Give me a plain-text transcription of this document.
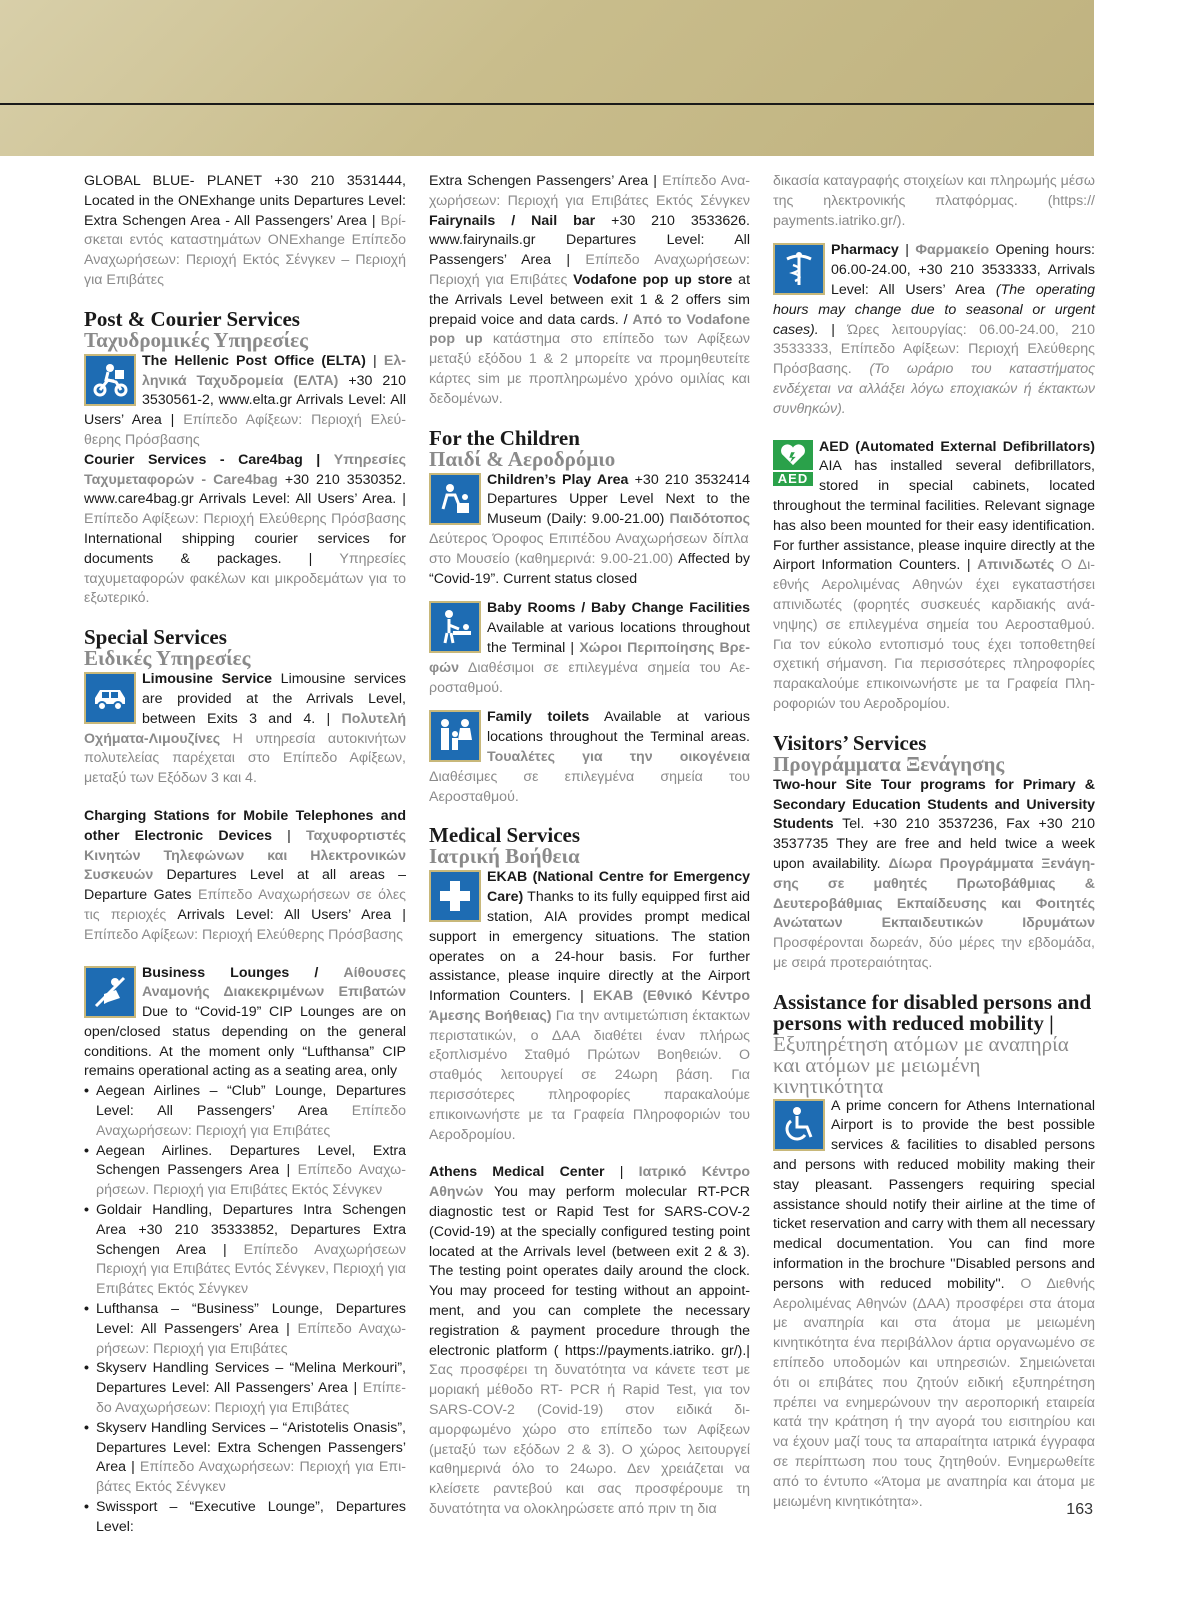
GLOBAL BLUE- PLANET +30 210 3531444, Located in the ONExhange units Departures Level: Extra Schengen Area - All Passengers’ Area | Βρίσκεται εντός καταστημάτων ONExhange Επίπεδο Αναχωρήσεων: Περιοχή Εκτός Σένγκεν – Περιοχή για Επιβάτες

Post & Courier Services
Ταχυδρομικές Υπηρεσίες

The Hellenic Post Office (ELTA) | Ελληνικά Ταχυδρομεία (ΕΛΤΑ) +30 210 3530561-2, www.elta.gr Arrivals Level: All Users’ Area | Επίπεδο Αφίξεων: Περιοχή Ελεύθερης Πρόσβασης

Courier Services - Care4bag | Υπηρεσίες Ταχυμεταφορών - Care4bag +30 210 3530352. www.care4bag.gr Arrivals Level: All Users’ Area. | Επίπεδο Αφίξεων: Περιοχή Ελεύθερης Πρόσβασης International shipping courier services for documents & packages. | Υπηρεσίες ταχυμεταφορών φακέλων και μικροδεμάτων για το εξωτερικό.

Special Services
Ειδικές Υπηρεσίες

Limousine Service Limousine services are provided at the Arrivals Level, between Exits 3 and 4. | Πολυτελή Οχήματα-Λιμουζίνες Η υπηρεσία αυτοκινήτων πολυτελείας παρέχεται στο Επίπεδο Αφίξεων, μεταξύ των Εξόδων 3 και 4.

Charging Stations for Mobile Telephones and other Electronic Devices | Ταχυφορτιστές Κινητών Τηλεφώνων και Ηλεκτρονικών Συσκευών Departures Level at all areas – Departure Gates Επίπεδο Αναχωρήσεων σε όλες τις περιοχές Arrivals Level: All Users’ Area | Επίπεδο Αφίξεων: Περιοχή Ελεύθερης Πρόσβασης

Business Lounges / Αίθουσες Αναμονής Διακεκριμένων Επιβατών Due to “Covid-19” CIP Lounges are on open/closed status depending on the general conditions. At the moment only “Lufthansa” CIP remains operational acting as a seating area, only

• Aegean Airlines – “Club” Lounge, Departures Level: All Passengers’ Area Επίπεδο Αναχωρήσεων: Περιοχή για Επιβάτες
• Aegean Airlines. Departures Level, Extra Schengen Passengers Area | Επίπεδο Αναχωρήσεων. Περιοχή για Επιβάτες Εκτός Σένγκεν
• Goldair Handling, Departures Intra Schengen Area +30 210 35333852, Departures Extra Schengen Area | Επίπεδο Αναχωρήσεων Περιοχή για Επιβάτες Εντός Σένγκεν, Περιοχή για Επιβάτες Εκτός Σένγκεν
• Lufthansa – “Business” Lounge, Departures Level: All Passengers’ Area | Επίπεδο Αναχωρήσεων: Περιοχή για Επιβάτες
• Skyserv Handling Services – “Melina Merkouri”, Departures Level: All Passengers’ Area | Επίπεδο Αναχωρήσεων: Περιοχή για Επιβάτες
• Skyserv Handling Services – “Aristotelis Onasis”, Departures Level: Extra Schengen Passengers’ Area | Επίπεδο Αναχωρήσεων: Περιοχή για Επιβάτες Εκτός Σένγκεν
• Swissport – “Executive Lounge”, Departures Level:

Extra Schengen Passengers’ Area | Επίπεδο Αναχωρήσεων: Περιοχή για Επιβάτες Εκτός Σένγκεν Fairynails / Nail bar +30 210 3533626. www.fairynails.gr Departures Level: All Passengers’ Area | Επίπεδο Αναχωρήσεων: Περιοχή για Επιβάτες Vodafone pop up store at the Arrivals Level between exit 1 & 2 offers sim prepaid voice and data cards. / Από το Vodafone pop up κατάστημα στο επίπεδο των Αφίξεων μεταξύ εξόδου 1 & 2 μπορείτε να προμηθευτείτε κάρτες sim με προπληρωμένο χρόνο ομιλίας και δεδομένων.

For the Children
Παιδί & Αεροδρόμιο

Children’s Play Area +30 210 3532414 Departures Upper Level Next to the Museum (Daily: 9.00-21.00) Παιδότοπος Δεύτερος Όροφος Επιπέδου Αναχωρήσεων δίπλα στο Μουσείο (καθημερινά: 9.00-21.00) Affected by “Covid-19”. Current status closed

Baby Rooms / Baby Change Facilities Available at various locations throughout the Terminal | Χώροι Περιποίησης Βρεφών Διαθέσιμοι σε επιλεγμένα σημεία του Αεροσταθμού.

Family toilets Available at various locations throughout the Terminal areas. Τουαλέτες για την οικογένεια Διαθέσιμες σε επιλεγμένα σημεία του Αεροσταθμού.

Medical Services
Ιατρική Βοήθεια

EKAB (National Centre for Emergency Care) Thanks to its fully equipped first aid station, AIA provides prompt medical support in emergency situations. The station operates on a 24-hour basis. For further assistance, please inquire directly at the Airport Information Counters. | ΕΚΑΒ (Εθνικό Κέντρο Άμεσης Βοήθειας) Για την αντιμετώπιση έκτακτων περιστατικών, ο ΔΑΑ διαθέτει έναν πλήρως εξοπλισμένο Σταθμό Πρώτων Βοηθειών. Ο σταθμός λειτουργεί σε 24ωρη βάση. Για περισσότερες πληροφορίες παρακαλούμε επικοινωνήστε με τα Γραφεία Πληροφοριών του Αεροδρομίου.

Athens Medical Center | Ιατρικό Κέντρο Αθηνών You may perform molecular RT-PCR diagnostic test or Rapid Test for SARS-COV-2 (Covid-19) at the specially configured testing point located at the Arrivals level (between exit 2 & 3). The testing point operates daily around the clock. You may proceed for testing without an appointment, and you can complete the necessary registration & payment procedure through the electronic platform ( https://payments.iatriko. gr/).| Σας προσφέρει τη δυνατότητα να κάνετε τεστ με μοριακή μέθοδο RT- PCR ή Rapid Test, για τον SARS-COV-2 (Covid-19) στον ειδικά διαμορφωμένο χώρο στο επίπεδο των Αφίξεων (μεταξύ των εξόδων 2 & 3). Ο χώρος λειτουργεί καθημερινά όλο το 24ωρο. Δεν χρειάζεται να κλείσετε ραντεβού και σας προσφέρουμε τη δυνατότητα να ολοκληρώσετε από πριν τη δια

δικασία καταγραφής στοιχείων και πληρωμής μέσω της ηλεκτρονικής πλατφόρμας. (https:// payments.iatriko.gr/).

Pharmacy | Φαρμακείο Opening hours: 06.00-24.00, +30 210 3533333, Arrivals Level: All Users’ Area (The operating hours may change due to seasonal or urgent cases). | Ώρες λειτουργίας: 06.00-24.00, 210 3533333, Επίπεδο Αφίξεων: Περιοχή Ελεύθερης Πρόσβασης. (Το ωράριο του καταστήματος ενδέχεται να αλλάξει λόγω εποχιακών ή έκτακτων συνθηκών).

AED

AED (Automated External Defibrillators) AIA has installed several defibrillators, stored in special cabinets, located throughout the terminal facilities. Relevant signage has also been mounted for their easy identification. For further assistance, please inquire directly at the Airport Information Counters. | Απινιδωτές Ο Διεθνής Αερολιμένας Αθηνών έχει εγκαταστήσει απινιδωτές (φορητές συσκευές καρδιακής ανάνηψης) σε επιλεγμένα σημεία του Αεροσταθμού. Για τον εύκολο εντοπισμό τους έχει τοποθετηθεί σχετική σήμανση. Για περισσότερες πληροφορίες παρακαλούμε επικοινωνήστε με τα Γραφεία Πληροφοριών του Αεροδρομίου.

Visitors’ Services
Προγράμματα Ξενάγησης

Two-hour Site Tour programs for Primary & Secondary Education Students and University Students Tel. +30 210 3537236, Fax +30 210 3537735 They are free and held twice a week upon availability. Δίωρα Προγράμματα Ξενάγησης σε μαθητές Πρωτοβάθμιας & Δευτεροβάθμιας Εκπαίδευσης και Φοιτητές Ανώτατων Εκπαιδευτικών Ιδρυμάτων Προσφέρονται δωρεάν, δύο μέρες την εβδομάδα, με σειρά προτεραιότητας.

Assistance for disabled persons and persons with reduced mobility | Εξυπηρέτηση ατόμων με αναπηρία και ατόμων με μειωμένη κινητικότητα

A prime concern for Athens International Airport is to provide the best possible services & facilities to disabled persons and persons with reduced mobility making their stay pleasant. Passengers requiring special assistance should notify their airline at the time of ticket reservation and carry with them all necessary medical documentation. You can find more information in the brochure ''Disabled persons and persons with reduced mobility''. Ο Διεθνής Αερολιμένας Αθηνών (ΔΑΑ) προσφέρει στα άτομα με αναπηρία και στα άτομα με μειωμένη κινητικότητα ένα περιβάλλον άρτια οργανωμένο σε επίπεδο υποδομών και υπηρεσιών. Σημειώνεται ότι οι επιβάτες που ζητούν ειδική εξυπηρέτηση πρέπει να ενημερώνουν την αεροπορική εταιρεία κατά την κράτηση ή την αγορά του εισιτηρίου και να έχουν μαζί τους τα απαραίτητα ιατρικά έγγραφα σε περίπτωση που τους ζητηθούν. Ενημερωθείτε από το έντυπο «Άτομα με αναπηρία και άτομα με μειωμένη κινητικότητα».	163
